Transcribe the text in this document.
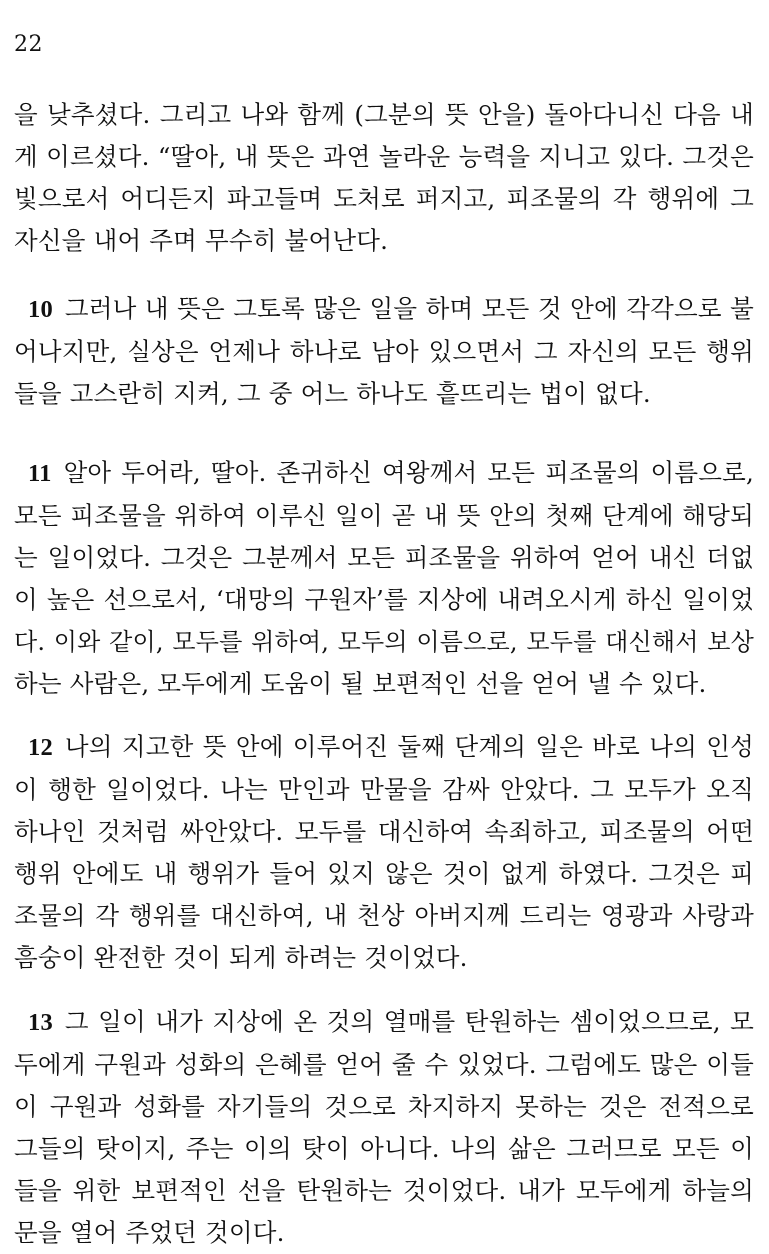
22
을 낮추셨다. 그리고 나와 함께 (그분의 뜻 안을) 돌아다니신 다음 내
게 이르셨다. “딸아, 내 뜻은 과연 놀라운 능력을 지니고 있다. 그것은
빛으로서 어디든지 파고들며 도처로 퍼지고, 피조물의 각 행위에 그
자신을 내어 주며 무수히 불어난다.
10 그러나 내 뜻은 그토록 많은 일을 하며 모든 것 안에 각각으로 불
어나지만, 실상은 언제나 하나로 남아 있으면서 그 자신의 모든 행위
들을 고스란히 지켜, 그 중 어느 하나도 흩뜨리는 법이 없다.
11 알아 두어라, 딸아. 존귀하신 여왕께서 모든 피조물의 이름으로,
모든 피조물을 위하여 이루신 일이 곧 내 뜻 안의 첫째 단계에 해당되
는 일이었다. 그것은 그분께서 모든 피조물을 위하여 얻어 내신 더없
이 높은 선으로서, ‘대망의 구원자’를 지상에 내려오시게 하신 일이었
다. 이와 같이, 모두를 위하여, 모두의 이름으로, 모두를 대신해서 보상
하는 사람은, 모두에게 도움이 될 보편적인 선을 얻어 낼 수 있다.
12 나의 지고한 뜻 안에 이루어진 둘째 단계의 일은 바로 나의 인성
이 행한 일이었다. 나는 만인과 만물을 감싸 안았다. 그 모두가 오직
하나인 것처럼 싸안았다. 모두를 대신하여 속죄하고, 피조물의 어떤
행위 안에도 내 행위가 들어 있지 않은 것이 없게 하였다. 그것은 피
조물의 각 행위를 대신하여, 내 천상 아버지께 드리는 영광과 사랑과
흠숭이 완전한 것이 되게 하려는 것이었다.
13 그 일이 내가 지상에 온 것의 열매를 탄원하는 셈이었으므로, 모
두에게 구원과 성화의 은혜를 얻어 줄 수 있었다. 그럼에도 많은 이들
이 구원과 성화를 자기들의 것으로 차지하지 못하는 것은 전적으로
그들의 탓이지, 주는 이의 탓이 아니다. 나의 삶은 그러므로 모든 이
들을 위한 보편적인 선을 탄원하는 것이었다. 내가 모두에게 하늘의
문을 열어 주었던 것이다.
